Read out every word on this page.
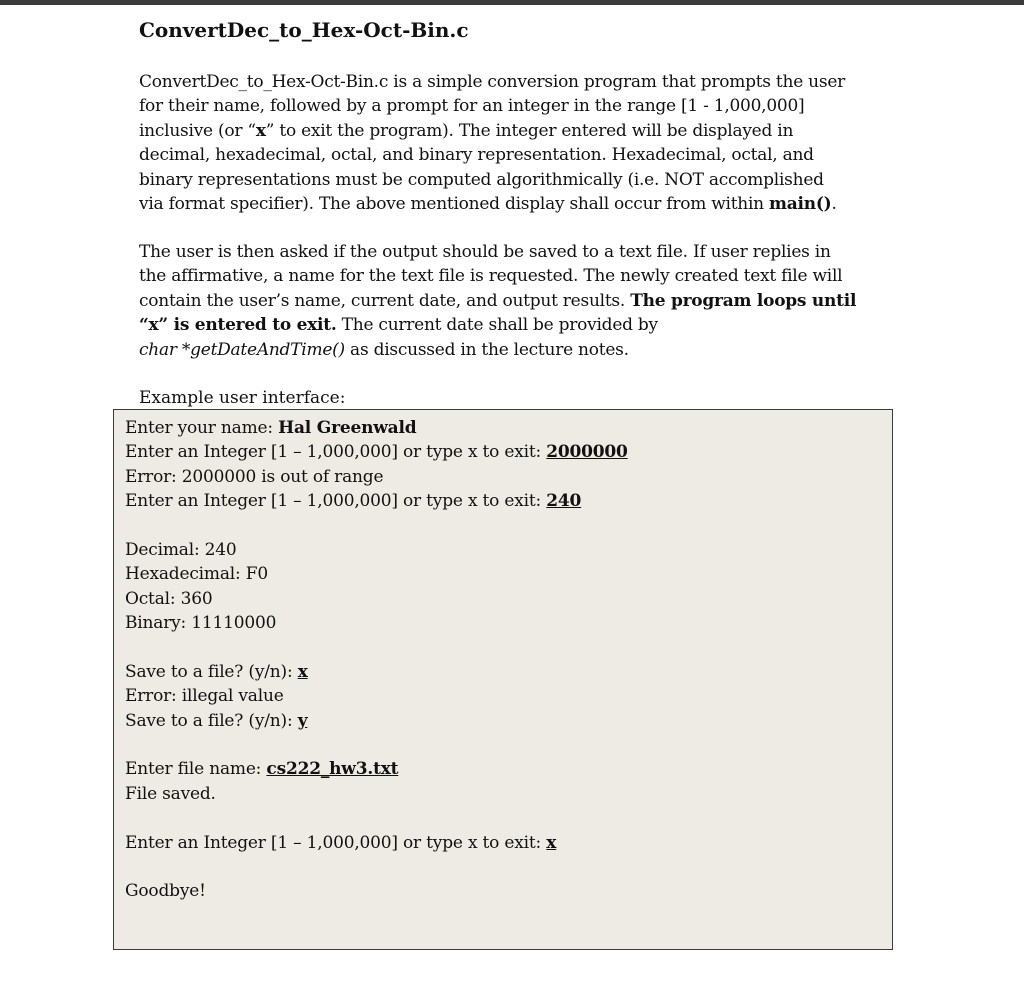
ConvertDec_to_Hex-Oct-Bin.c
ConvertDec_to_Hex-Oct-Bin.c is a simple conversion program that prompts the user
for their name, followed by a prompt for an integer in the range [1 - 1,000,000]
inclusive (or “x” to exit the program). The integer entered will be displayed in
decimal, hexadecimal, octal, and binary representation. Hexadecimal, octal, and
binary representations must be computed algorithmically (i.e. NOT accomplished
via format specifier). The above mentioned display shall occur from within main().
The user is then asked if the output should be saved to a text file. If user replies in
the affirmative, a name for the text file is requested. The newly created text file will
contain the user’s name, current date, and output results. The program loops until
“x” is entered to exit. The current date shall be provided by
char *getDateAndTime() as discussed in the lecture notes.
Example user interface:
Enter your name: Hal Greenwald
Enter an Integer [1 – 1,000,000] or type x to exit: 2000000
Error: 2000000 is out of range
Enter an Integer [1 – 1,000,000] or type x to exit: 240
Decimal: 240
Hexadecimal: F0
Octal: 360
Binary: 11110000
Save to a file? (y/n): x
Error: illegal value
Save to a file? (y/n): y
Enter file name: cs222_hw3.txt
File saved.
Enter an Integer [1 – 1,000,000] or type x to exit: x
Goodbye!
